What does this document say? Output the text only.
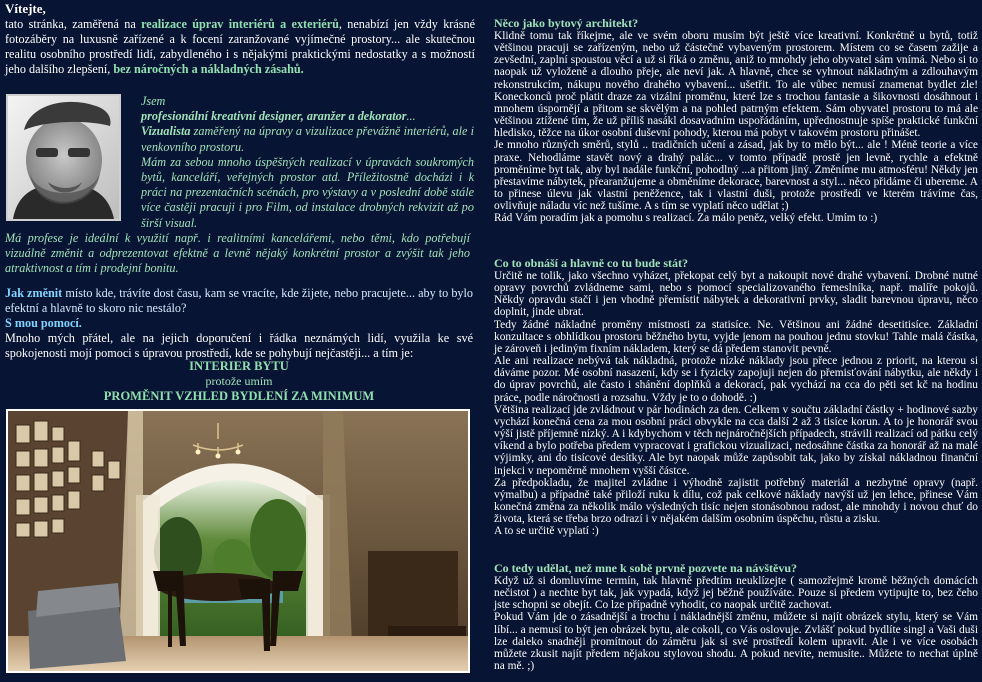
Vítejte,

tato stránka, zaměřená na realizace úprav interiérů a exteriérů, nenabízí jen vždy krásné fotozáběry na luxusně zařízené a k focení zaranžované vyjímečné prostory... ale skutečnou realitu osobního prostředí lidí, zabydleného i s nějakými praktickými nedostatky a s možností jeho dalšího zlepšení, bez náročných a nákladných zásahů.

Jsem
profesionální kreativní designer, aranžer a dekorator...
Vizualista zaměřený na úpravy a vizulizace převážně interiérů, ale i venkovního prostoru.
Mám za sebou mnoho úspěšných realizací v úpravách soukromých bytů, kanceláří, veřejných prostor atd. Příležitostně docházi i k práci na prezentačních scénách, pro výstavy a v poslední době stále více častěji pracuji i pro Film, od instalace drobných rekvizit až po širší visual.
Má profese je ideální k využití např. i realitními kancelářemi, nebo těmi, kdo potřebují vizuálně změnit a odprezentovat efektně a levně nějaký konkrétní prostor a zvýšit tak jeho atraktivnost a tím i prodejní bonitu.

Jak změnit místo kde, trávíte dost času, kam se vracíte, kde žijete, nebo pracujete... aby to bylo efektní a hlavně to skoro nic nestálo?

S mou pomocí.

Mnoho mých přátel, ale na jejich doporučení i řádka neznámých lidí, využila ke své spokojenosti mojí pomoci s úpravou prostředí, kde se pohybují nejčastěji... a tím je:

INTERIER BYTU
protože umím
PROMĚNIT VZHLED BYDLENÍ ZA MINIMUM

Něco jako bytový architekt?

Klidně tomu tak říkejme, ale ve svém oboru musím být ještě více kreativní. Konkrétně u bytů, totiž většinou pracuji se zařízeným, nebo už částečně vybaveným prostorem. Místem co se časem zažije a zevšední, zaplní spoustou věcí a už si říká o změnu, aniž to mnohdy jeho obyvatel sám vnímá. Nebo si to naopak už vyloženě a dlouho přeje, ale neví jak. A hlavně, chce se vyhnout nákladným a zdlouhavým rekonstrukcím, nákupu nového drahého vybavení... ušetřit. To ale vůbec nemusí znamenat bydlet zle! Koneckonců proč platit draze za vizální proměnu, které lze s trochou fantasie a šikovnosti dosáhnout i mnohem úspornějí a přitom se skvělým a na pohled patrným efektem. Sám obyvatel prostoru to má ale většinou ztížené tím, že už příliš nasákl dosavadním uspořádáním, upřednostnuje spíše praktické funkční hledisko, těžce na úkor osobní duševní pohody, kterou má pobyt v takovém prostoru přinášet.
Je mnoho různých směrů, stylů .. tradičních učení a zásad, jak by to mělo být... ale ! Méně teorie a více praxe. Nehodláme stavět nový a drahý palác... v tomto případě prostě jen levně, rychle a efektně proměníme byt tak, aby byl nadále funkční, pohodlný ...a přitom jiný. Změníme mu atmosféru! Někdy jen přestavíme nábytek, přearanžujeme a obměníme dekorace, barevnost a styl... něco přidáme či ubereme. A to přinese úlevu jak vlastní peněžence, tak i vlastní duši, protože prostředí ve kterém trávíme čas, ovlivňuje náladu víc než tušíme. A s tím se vyplatí něco udělat ;)
Rád Vám poradím jak a pomohu s realizací. Za málo peněz, velký efekt. Umím to :)

Co to obnáší a hlavně co tu bude stát?

Určitě ne tolik, jako všechno vyházet, překopat celý byt a nakoupit nové drahé vybavení. Drobné nutné opravy povrchů zvládneme sami, nebo s pomocí specializovaného řemeslníka, např. malíře pokojů. Někdy opravdu stačí i jen vhodně přemístit nábytek a dekorativní prvky, sladit barevnou úpravu, něco doplnit, jinde ubrat.
Tedy žádné nákladné proměny místnosti za statisíce. Ne. Většinou ani žádné desetitisíce. Základní konzultace s obhlídkou prostoru běžného bytu, vyjde jenom na pouhou jednu stovku! Tahle malá částka, je zároveň i jediným fixním nákladem, který se dá předem stanovit pevně.
Ale ani realizace nebývá tak nákladná, protože nízké náklady jsou přece jednou z priorit, na kterou si dáváme pozor. Mé osobní nasazení, kdy se i fyzicky zapojuji nejen do přemisťování nábytku, ale někdy i do úprav povrchů, ale často i shánění doplňků a dekorací, pak vychází na cca do pěti set kč na hodinu práce, podle náročnosti a rozsahu. Vždy je to o dohodě. :)
Většina realizací jde zvládnout v pár hodinách za den. Celkem v součtu základní částky + hodinové sazby vychází konečná cena za mou osobní práci obvykle na cca další 2 až 3 tisíce korun. A to je honorář svou výší jistě příjemně nízký. A i kdybychom v těch nejnáročnějších případech, strávili realizací od pátku celý víkend a bylo potřeba předem vypracovat i grafickou vizualizaci, nedosáhne částka za honorář až na malé výjimky, ani do tisícové desítky. Ale byt naopak může zapůsobit tak, jako by získal nákladnou finanční injekci v nepoměrně mnohem vyšší částce.
Za předpokladu, že majitel zvládne i výhodně zajistit potřebný materiál a nezbytné opravy (např. výmalbu) a případně také přiloží ruku k dílu, což pak celkové náklady navýší už jen lehce, přinese Vám konečná změna za několik málo výsledných tisíc nejen stonásobnou radost, ale mnohdy i novou chuť do života, která se třeba brzo odrazí i v nějakém dalším osobním úspěchu, růstu a zisku.
A to se určitě vyplatí :)

Co tedy udělat, než mne k sobě prvně pozvete na návštěvu?

Když už si domluvíme termín, tak hlavně předtím neuklízejte ( samozřejmě kromě běžných domácích nečistot ) a nechte byt tak, jak vypadá, když jej běžně používáte. Pouze si předem vytipujte to, bez čeho jste schopni se obejít. Co lze případně vyhodit, co naopak určitě zachovat.
Pokud Vám jde o zásadnější a trochu i nákladnější změnu, můžete si najít obrázek stylu, který se Vám líbí... a nemusí to být jen obrázek bytu, ale cokoli, co Vás oslovuje. Zvlášť pokud bydlíte singl a Vaši duši lze daleko snadněji promítnout do záměru jak si své prostředí kolem upravit. Ale i ve více osobách můžete zkusit najít předem nějakou stylovou shodu. A pokud nevíte, nemusíte.. Můžete to nechat úplně na mě. ;)
